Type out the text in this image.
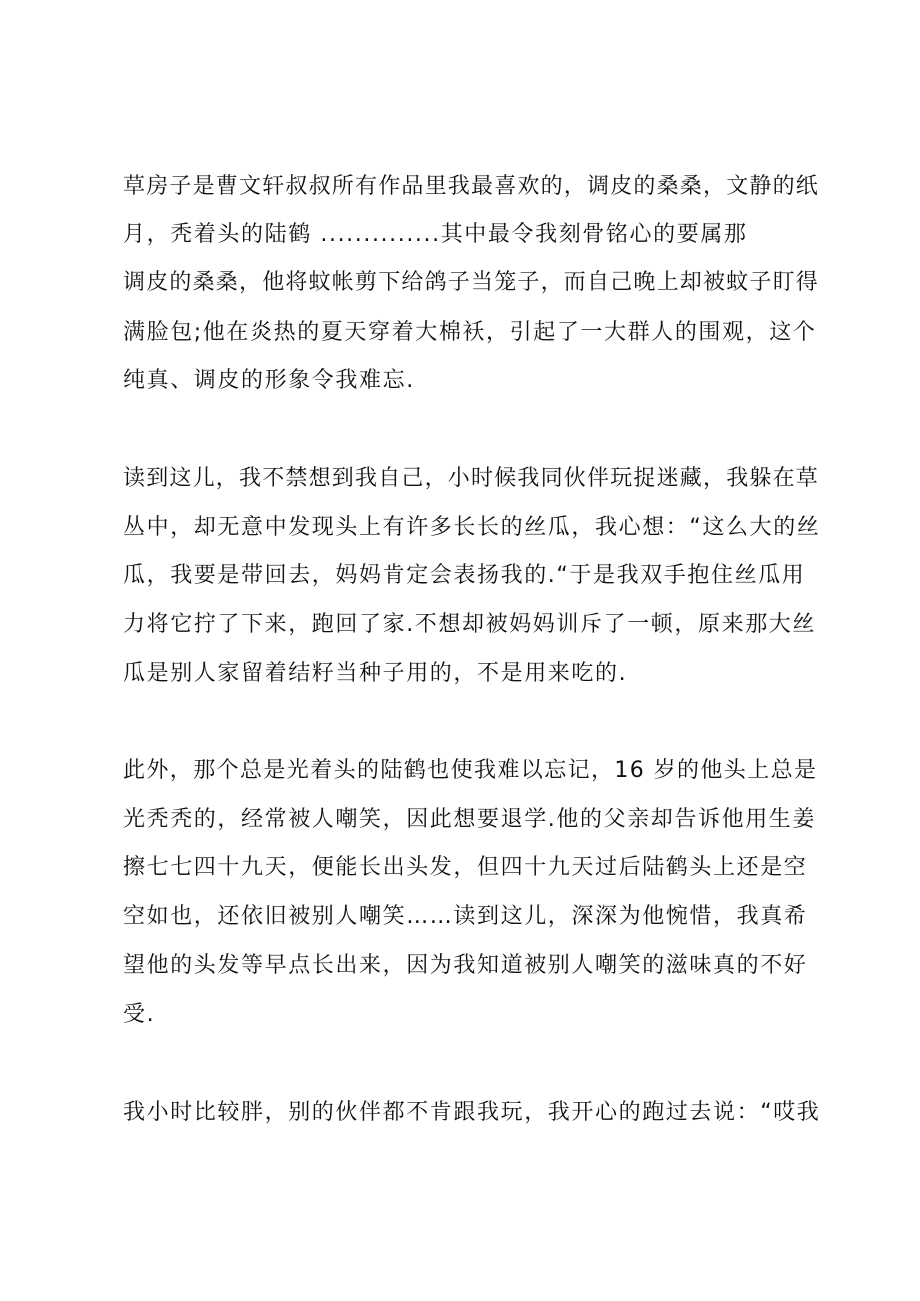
草房子是曹文轩叔叔所有作品里我最喜欢的，调皮的桑桑，文静的纸
月，秃着头的陆鹤 ..............其中最令我刻骨铭心的要属那
调皮的桑桑，他将蚊帐剪下给鸽子当笼子，而自己晚上却被蚊子盯得
满脸包;他在炎热的夏天穿着大棉袄，引起了一大群人的围观，这个
纯真、调皮的形象令我难忘.
读到这儿，我不禁想到我自己，小时候我同伙伴玩捉迷藏，我躲在草
丛中，却无意中发现头上有许多长长的丝瓜，我心想：“这么大的丝
瓜，我要是带回去，妈妈肯定会表扬我的.“于是我双手抱住丝瓜用
力将它拧了下来，跑回了家.不想却被妈妈训斥了一顿，原来那大丝
瓜是别人家留着结籽当种子用的，不是用来吃的.
此外，那个总是光着头的陆鹤也使我难以忘记，16 岁的他头上总是
光秃秃的，经常被人嘲笑，因此想要退学.他的父亲却告诉他用生姜
擦七七四十九天，便能长出头发，但四十九天过后陆鹤头上还是空
空如也，还依旧被别人嘲笑……读到这儿，深深为他惋惜，我真希
望他的头发等早点长出来，因为我知道被别人嘲笑的滋味真的不好
受.
我小时比较胖，别的伙伴都不肯跟我玩，我开心的跑过去说：“哎我
